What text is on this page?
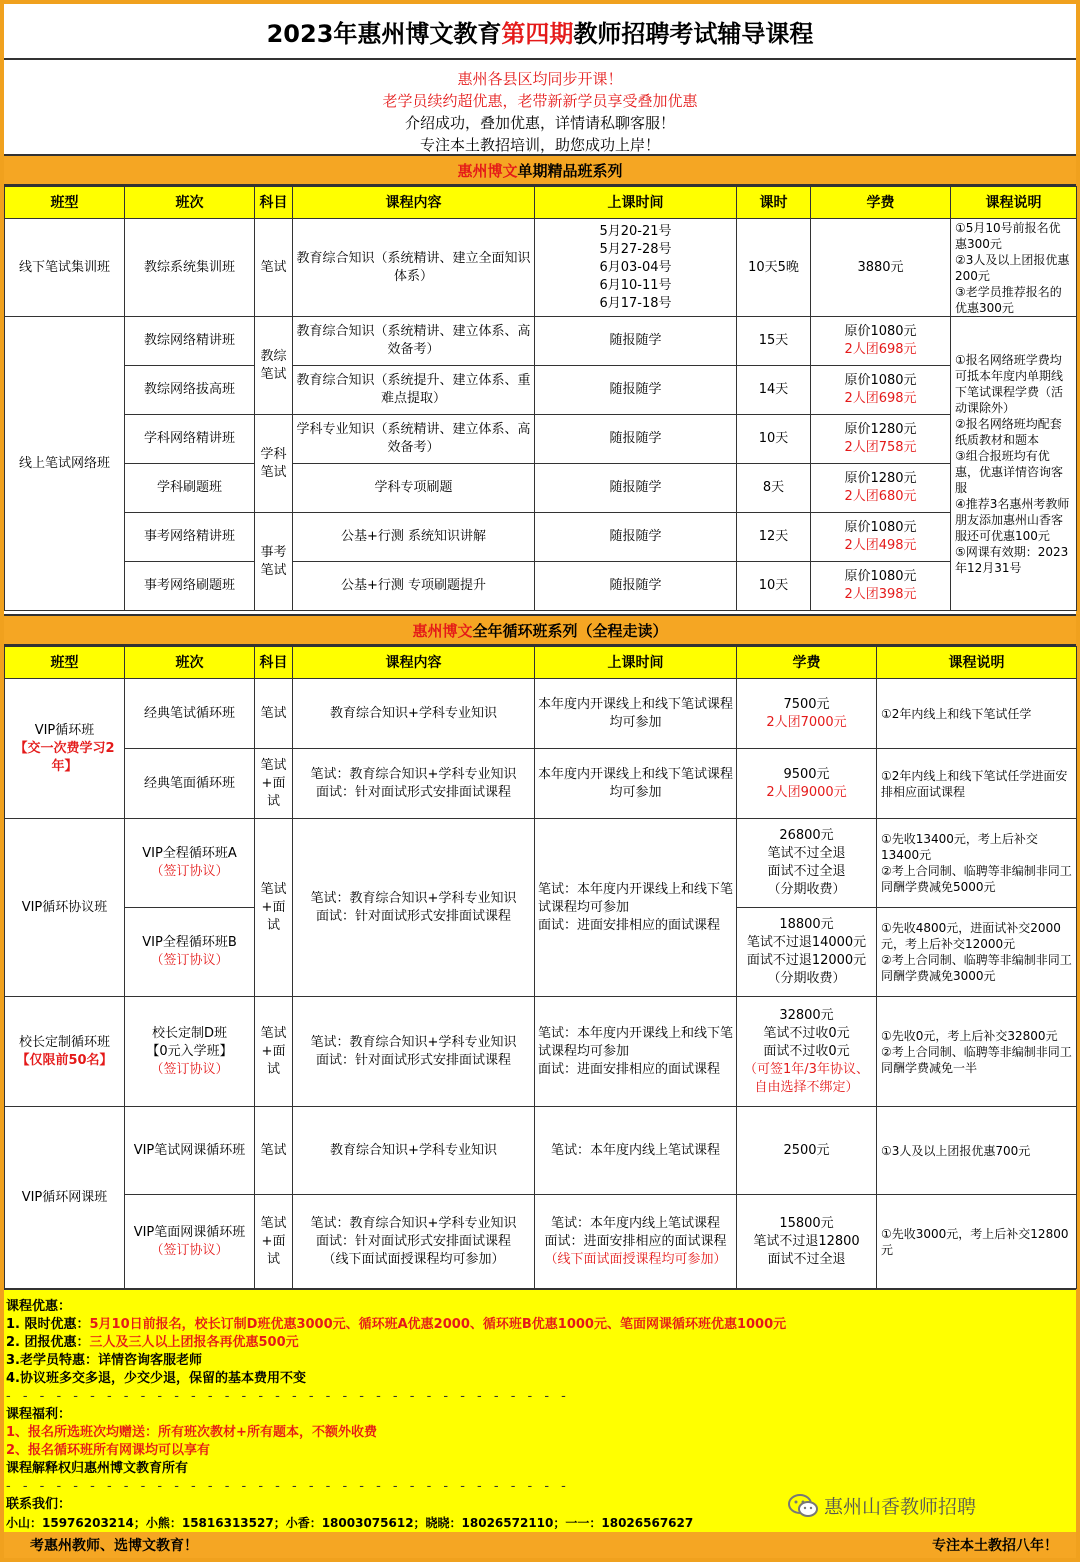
2023年惠州博文教育 第四期 教师招聘考试辅导课程
惠州各县区均同步开课！
老学员续约超优惠，老带新新学员享受叠加优惠
介绍成功，叠加优惠，详情请私聊客服！
专注本土教招培训，助您成功上岸！
惠州博文 单期精品班系列
班型	班次	科目	课程内容	上课时间	课时	学费	课程说明
线下笔试集训班	教综系统集训班	笔试	教育综合知识（系统精讲、建立全面知识体系）	5月20-21号
5月27-28号
6月03-04号
6月10-11号
6月17-18号	10天5晚	3880元	①5月10号前报名优惠300元
②3人及以上团报优惠200元
③老学员推荐报名的优惠300元

线上笔试网络班	教综网络精讲班	教综笔试	教育综合知识（系统精讲、建立体系、高效备考）	随报随学	15天	原价1080元
2人团698元	①报名网络班学费均可抵本年度内单期线下笔试课程学费（活动课除外）
②报名网络班均配套纸质教材和题本
③组合报班均有优惠，优惠详情咨询客服
④推荐3名惠州考教师朋友添加惠州山香客服还可优惠100元
⑤网课有效期：2023年12月31号

	教综网络拔高班		教育综合知识（系统提升、建立体系、重难点提取）	随报随学	14天	原价1080元
2人团698元	

	学科网络精讲班	学科笔试	学科专业知识（系统精讲、建立体系、高效备考）	随报随学	10天	原价1280元
2人团758元	

	学科刷题班		学科专项刷题	随报随学	8天	原价1280元
2人团680元	

	事考网络精讲班	事考笔试	公基+行测 系统知识讲解	随报随学	12天	原价1080元
2人团498元	

	事考网络刷题班		公基+行测 专项刷题提升	随报随学	10天	原价1080元
2人团398元	
惠州博文 全年循环班系列（全程走读）
班型	班次	科目	课程内容	上课时间	学费	课程说明

VIP循环班
【交一次费学习2年】	经典笔试循环班	笔试	教育综合知识+学科专业知识	本年度内开课线上和线下笔试课程均可参加	7500元
2人团7000元	①2年内线上和线下笔试任学
	经典笔面循环班	笔试+面试	笔试：教育综合知识+学科专业知识
面试：针对面试形式安排面试课程	本年度内开课线上和线下笔试课程均可参加	9500元
2人团9000元	①2年内线上和线下笔试任学进面安排相应面试课程
VIP循环协议班	VIP全程循环班A
（签订协议）	笔试+面试	笔试：教育综合知识+学科专业知识
面试：针对面试形式安排面试课程	笔试：本年度内开课线上和线下笔试课程均可参加
面试：进面安排相应的面试课程	26800元
笔试不过全退
面试不过全退
（分期收费）	①先收13400元，考上后补交13400元
②考上合同制、临聘等非编制非同工同酬学费减免5000元

	VIP全程循环班B
（签订协议）				18800元
笔试不过退14000元
面试不过退12000元
（分期收费）	①先收4800元，进面试补交2000元，考上后补交12000元
②考上合同制、临聘等非编制非同工同酬学费减免3000元

校长定制循环班
【仅限前50名】	校长定制D班
【0元入学班】
（签订协议）	笔试+面试	笔试：教育综合知识+学科专业知识
面试：针对面试形式安排面试课程	笔试：本年度内开课线上和线下笔试课程均可参加
面试：进面安排相应的面试课程	32800元
笔试不过收0元
面试不过收0元
（可签1年/3年协议、自由选择不绑定）	①先收0元，考上后补交32800元
②考上合同制、临聘等非编制非同工同酬学费减免一半

VIP循环网课班	VIP笔试网课循环班	笔试	教育综合知识+学科专业知识	笔试：本年度内线上笔试课程	2500元	①3人及以上团报优惠700元

	VIP笔面网课循环班
（签订协议）	笔试+面试	笔试：教育综合知识+学科专业知识
面试：针对面试形式安排面试课程
（线下面试面授课程均可参加）	笔试：本年度内线上笔试课程
面试：进面安排相应的面试课程
（线下面试面授课程均可参加）	15800元
笔试不过退12800
面试不过全退	①先收3000元，考上后补交12800元
课程优惠：
1. 限时优惠：5月10日前报名，校长订制D班优惠3000元、循环班A优惠2000、循环班B优惠1000元、笔面网课循环班优惠1000元
2. 团报优惠：三人及三人以上团报各再优惠500元
3.老学员特惠：详情咨询客服老师
4.协议班多交多退，少交少退，保留的基本费用不变
- - - - - - - - - - - - - - - - - - - - - - - - - - - - - - - - - -
课程福利：
1、报名所选班次均赠送：所有班次教材+所有题本，不额外收费
2、报名循环班所有网课均可以享有
课程解释权归惠州博文教育所有
- - - - - - - - - - - - - - - - - - - - - - - - - - - - - - - - - -
联系我们：
小山：15976203214；小熊：15816313527；小香：18003075612；晓晓：18026572110；一一：18026567627
惠州山香教师招聘
考惠州教师、选博文教育！	专注本土教招八年！
